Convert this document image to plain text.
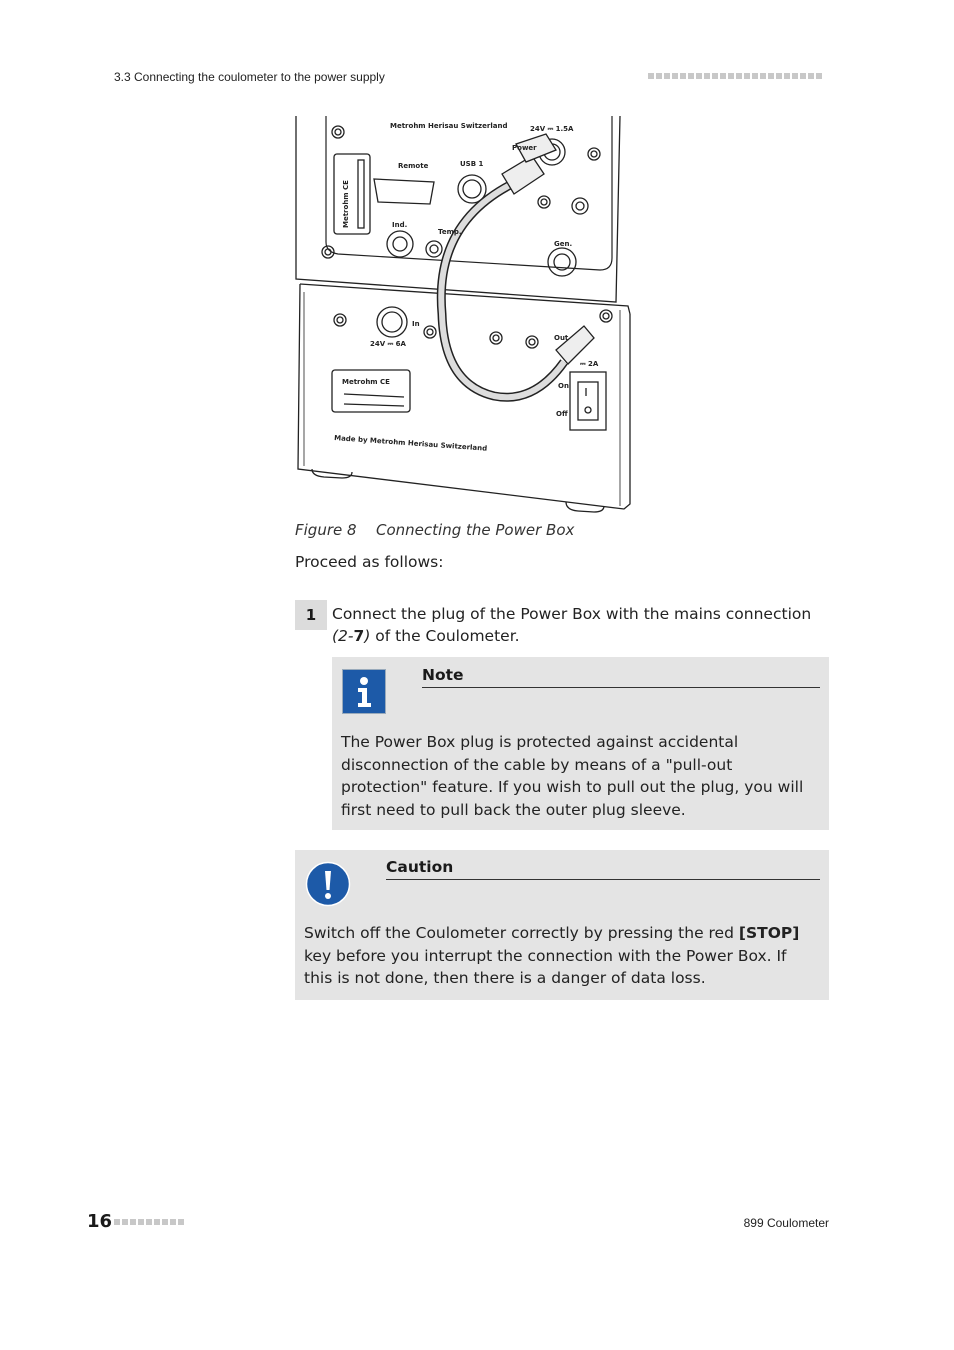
3.3 Connecting the coulometer to the power supply
Metrohm Herisau Switzerland	24V ⎓ 1.5A
Power
Remote	USB 1
Ind.
Temp.
Gen.
In
24V ⎓ 6A
Out
⎓ 2A
On
Off
Made by Metrohm Herisau Switzerland
Metrohm CE
Metrohm CE
Figure 8 Connecting the Power Box
Proceed as follows:
1	Connect the plug of the Power Box with the mains connection (2-7) of the Coulometer.
Note
The Power Box plug is protected against accidental disconnection of the cable by means of a "pull-out protection" feature. If you wish to pull out the plug, you will first need to pull back the outer plug sleeve.
Caution
Switch off the Coulometer correctly by pressing the red [STOP] key before you interrupt the connection with the Power Box. If this is not done, then there is a danger of data loss.
16	899 Coulometer
